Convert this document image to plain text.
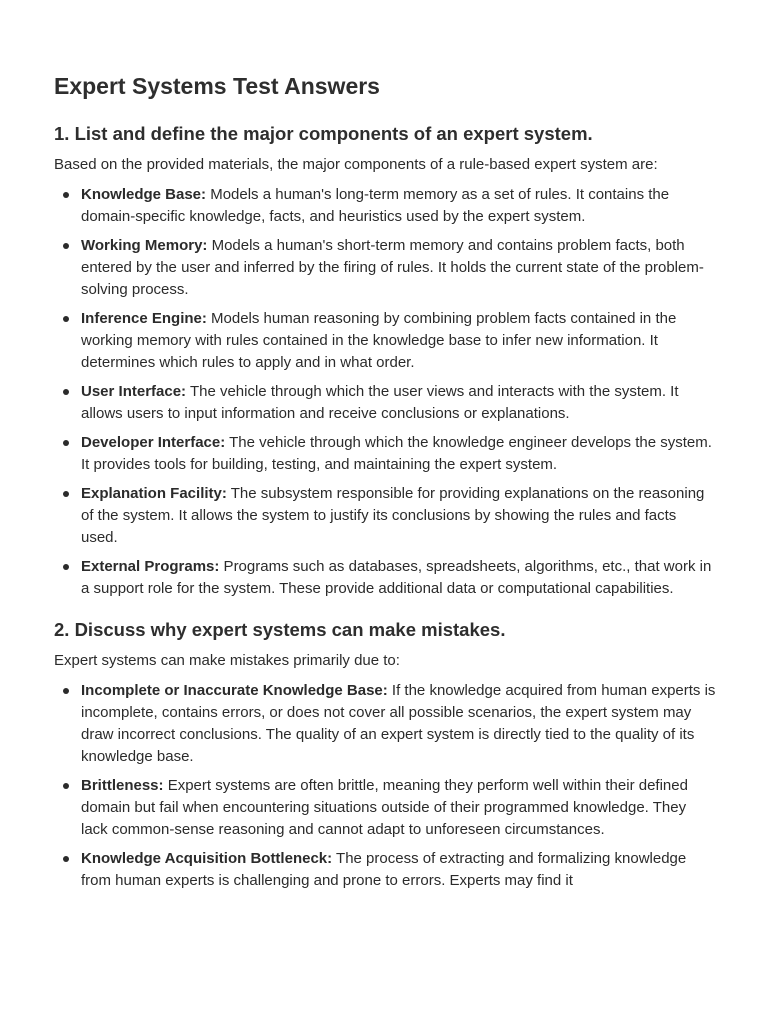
Expert Systems Test Answers
1. List and define the major components of an expert system.

Based on the provided materials, the major components of a rule-based expert system are:

Knowledge Base: Models a human's long-term memory as a set of rules. It contains the domain-specific knowledge, facts, and heuristics used by the expert system.
Working Memory: Models a human's short-term memory and contains problem facts, both entered by the user and inferred by the firing of rules. It holds the current state of the problem-solving process.
Inference Engine: Models human reasoning by combining problem facts contained in the working memory with rules contained in the knowledge base to infer new information. It determines which rules to apply and in what order.
User Interface: The vehicle through which the user views and interacts with the system. It allows users to input information and receive conclusions or explanations.
Developer Interface: The vehicle through which the knowledge engineer develops the system. It provides tools for building, testing, and maintaining the expert system.
Explanation Facility: The subsystem responsible for providing explanations on the reasoning of the system. It allows the system to justify its conclusions by showing the rules and facts used.
External Programs: Programs such as databases, spreadsheets, algorithms, etc., that work in a support role for the system. These provide additional data or computational capabilities.
2. Discuss why expert systems can make mistakes.

Expert systems can make mistakes primarily due to:

Incomplete or Inaccurate Knowledge Base: If the knowledge acquired from human experts is incomplete, contains errors, or does not cover all possible scenarios, the expert system may draw incorrect conclusions. The quality of an expert system is directly tied to the quality of its knowledge base.
Brittleness: Expert systems are often brittle, meaning they perform well within their defined domain but fail when encountering situations outside of their programmed knowledge. They lack common-sense reasoning and cannot adapt to unforeseen circumstances.
Knowledge Acquisition Bottleneck: The process of extracting and formalizing knowledge from human experts is challenging and prone to errors. Experts may find it
